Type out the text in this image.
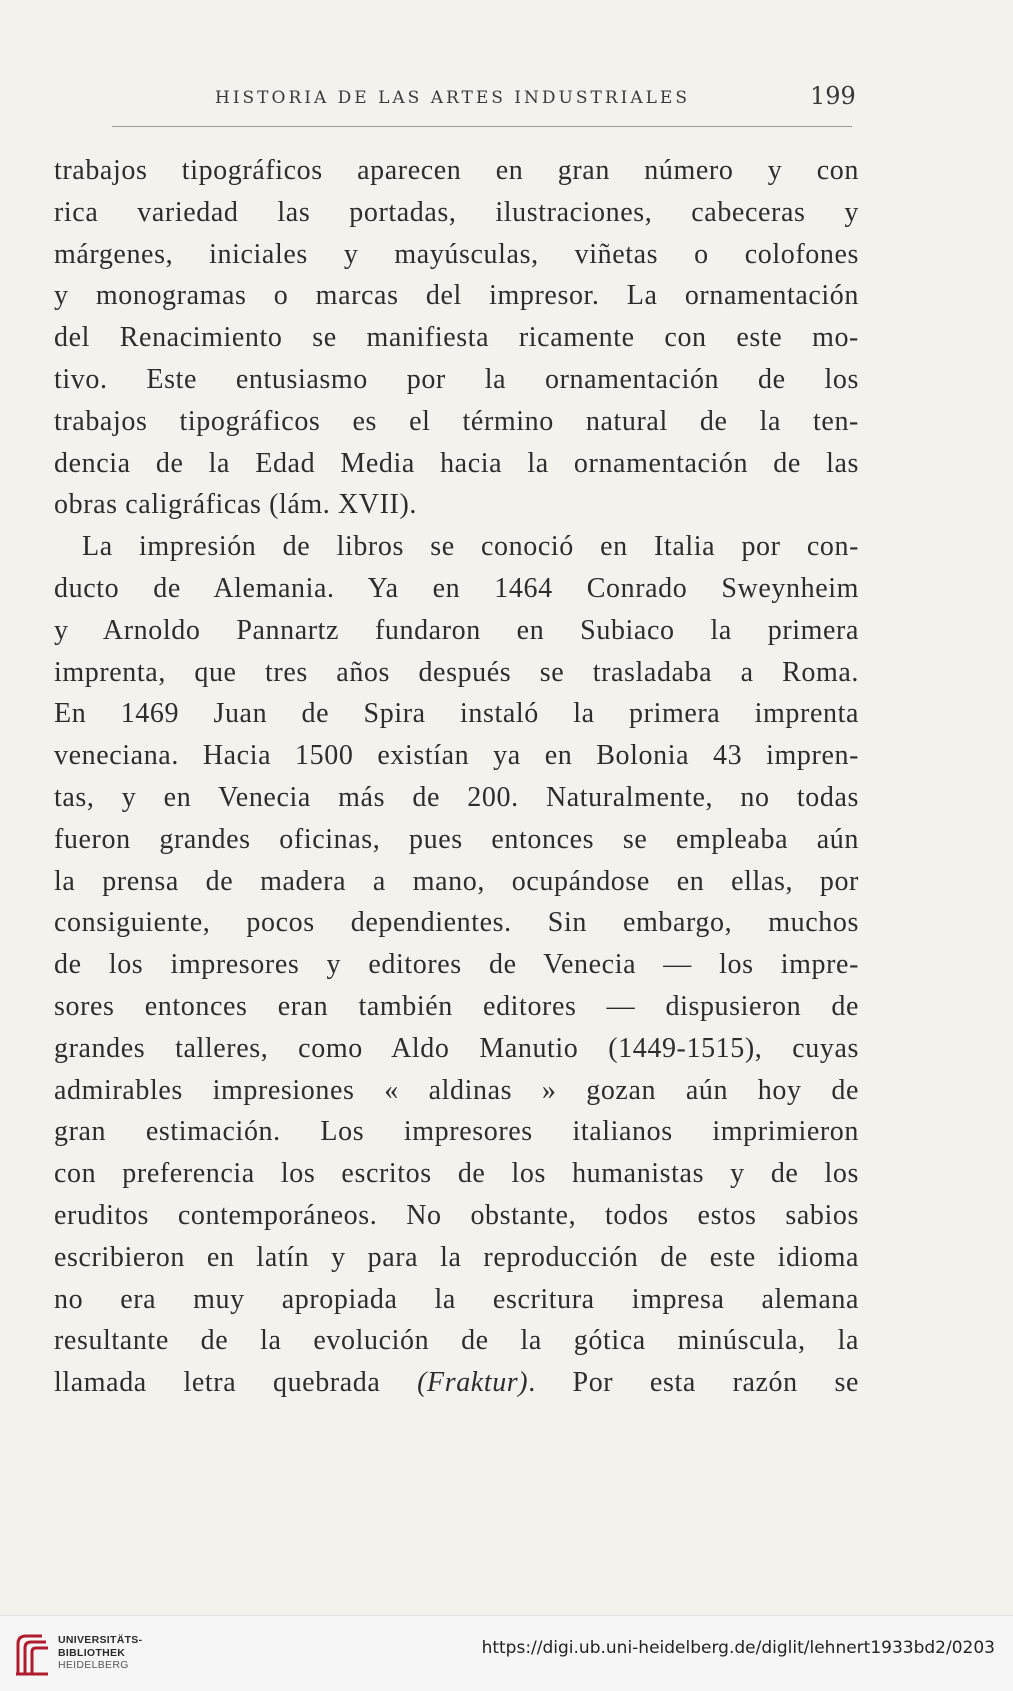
HISTORIA DE LAS ARTES INDUSTRIALES	199
trabajos tipográficos aparecen en gran número y con
rica variedad las portadas, ilustraciones, cabeceras y
márgenes, iniciales y mayúsculas, viñetas o colofones
y monogramas o marcas del impresor. La ornamentación
del Renacimiento se manifiesta ricamente con este mo-
tivo. Este entusiasmo por la ornamentación de los
trabajos tipográficos es el término natural de la ten-
dencia de la Edad Media hacia la ornamentación de las
obras caligráficas (lám. XVII).
La impresión de libros se conoció en Italia por con-
ducto de Alemania. Ya en 1464 Conrado Sweynheim
y Arnoldo Pannartz fundaron en Subiaco la primera
imprenta, que tres años después se trasladaba a Roma.
En 1469 Juan de Spira instaló la primera imprenta
veneciana. Hacia 1500 existían ya en Bolonia 43 impren-
tas, y en Venecia más de 200. Naturalmente, no todas
fueron grandes oficinas, pues entonces se empleaba aún
la prensa de madera a mano, ocupándose en ellas, por
consiguiente, pocos dependientes. Sin embargo, muchos
de los impresores y editores de Venecia — los impre-
sores entonces eran también editores — dispusieron de
grandes talleres, como Aldo Manutio (1449-1515), cuyas
admirables impresiones « aldinas » gozan aún hoy de
gran estimación. Los impresores italianos imprimieron
con preferencia los escritos de los humanistas y de los
eruditos contemporáneos. No obstante, todos estos sabios
escribieron en latín y para la reproducción de este idioma
no era muy apropiada la escritura impresa alemana
resultante de la evolución de la gótica minúscula, la
llamada letra quebrada (Fraktur). Por esta razón se
UNIVERSITÄTS-
BIBLIOTHEK
HEIDELBERG
https://digi.ub.uni-heidelberg.de/diglit/lehnert1933bd2/0203
